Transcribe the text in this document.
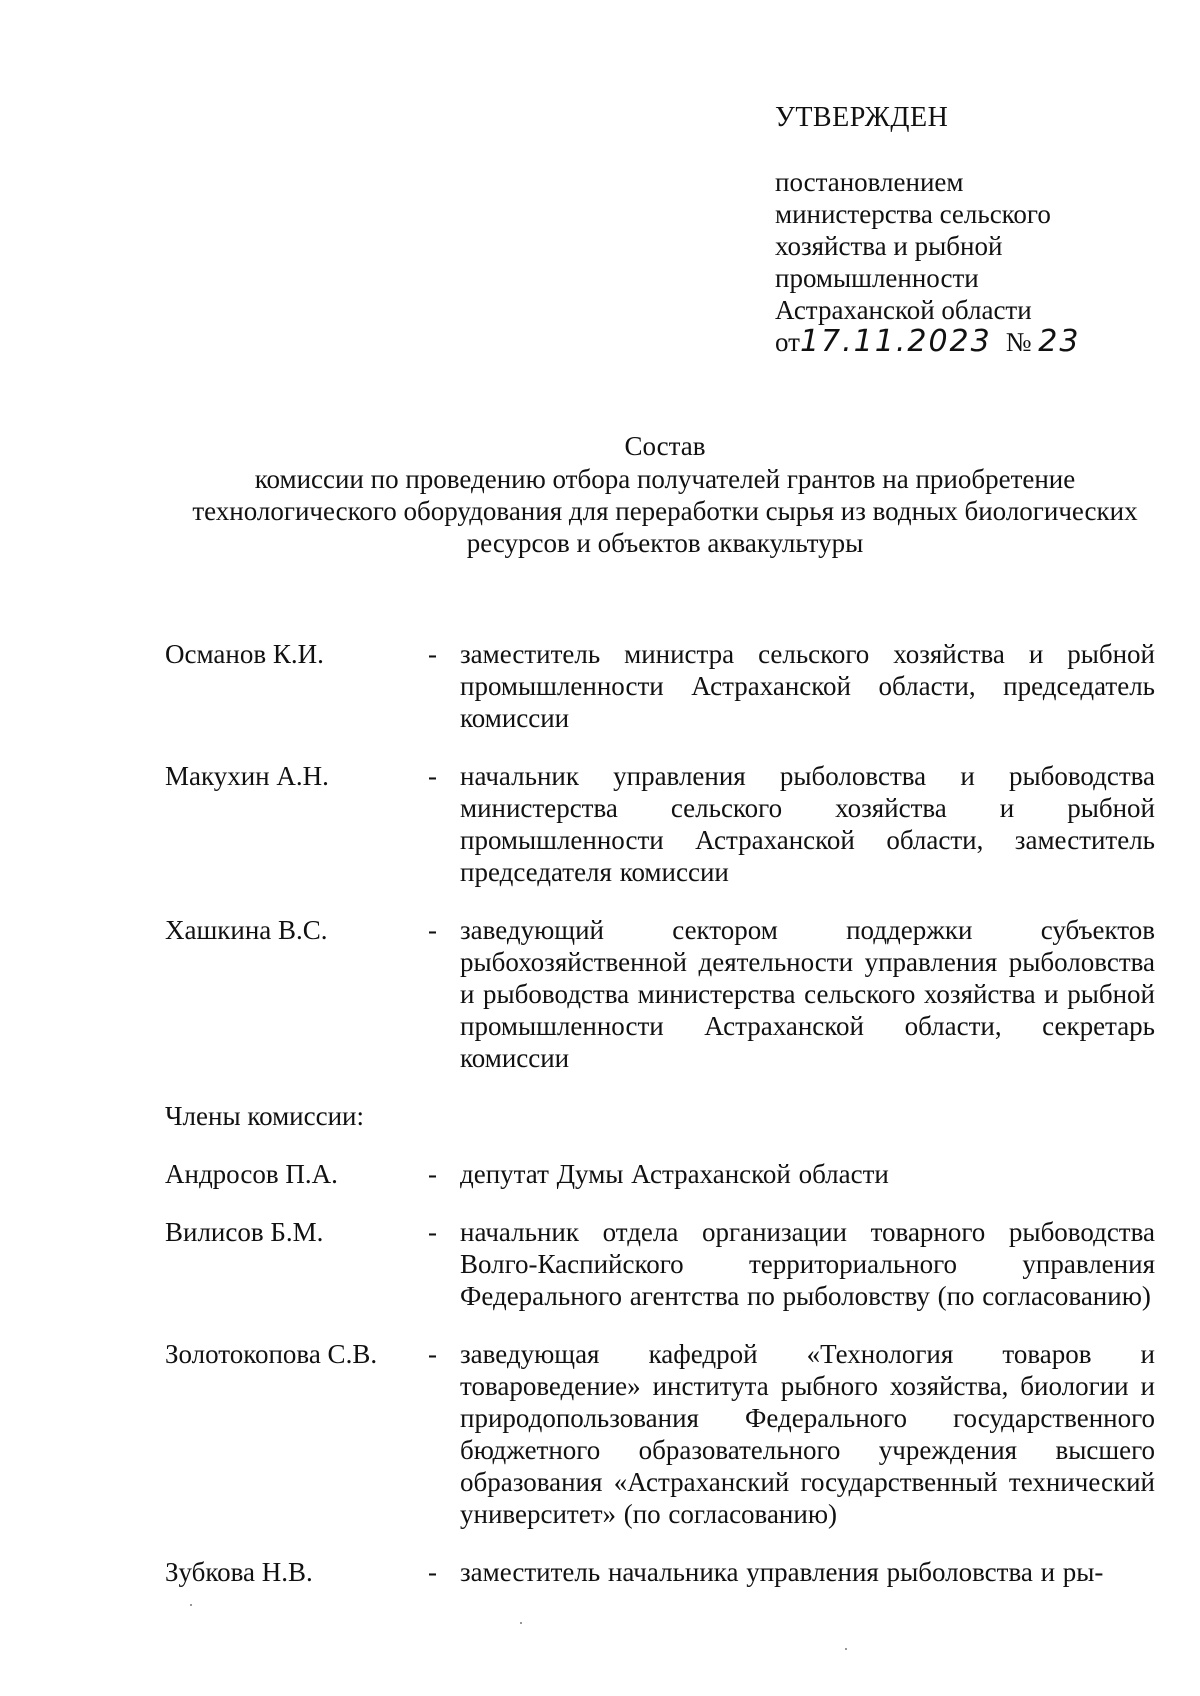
УТВЕРЖДЕН
постановлением
министерства сельского
хозяйства и рыбной
промышленности
Астраханской области
от17.11.2023 № 23
Состав
комиссии по проведению отбора получателей грантов на приобретение технологического оборудования для переработки сырья из водных биологических ресурсов и объектов аквакультуры
Османов К.И.	- заместитель министра сельского хозяйства и рыбной промышленности Астраханской области, председатель комиссии
Макухин А.Н.	- начальник управления рыболовства и рыбоводства министерства сельского хозяйства и рыбной промышленности Астраханской области, заместитель председателя комиссии
Хашкина В.С.	- заведующий сектором поддержки субъектов рыбохозяйственной деятельности управления рыболовства и рыбоводства министерства сельского хозяйства и рыбной промышленности Астраханской области, секретарь комиссии
Члены комиссии:
Андросов П.А.	- депутат Думы Астраханской области
Вилисов Б.М.	- начальник отдела организации товарного рыбоводства Волго-Каспийского территориального управления Федерального агентства по рыболовству (по согласованию)
Золотокопова С.В.	- заведующая кафедрой «Технология товаров и товароведение» института рыбного хозяйства, биологии и природопользования Федерального государственного бюджетного образовательного учреждения высшего образования «Астраханский государственный технический университет» (по согласованию)
Зубкова Н.В.	- заместитель начальника управления рыболовства и ры-
